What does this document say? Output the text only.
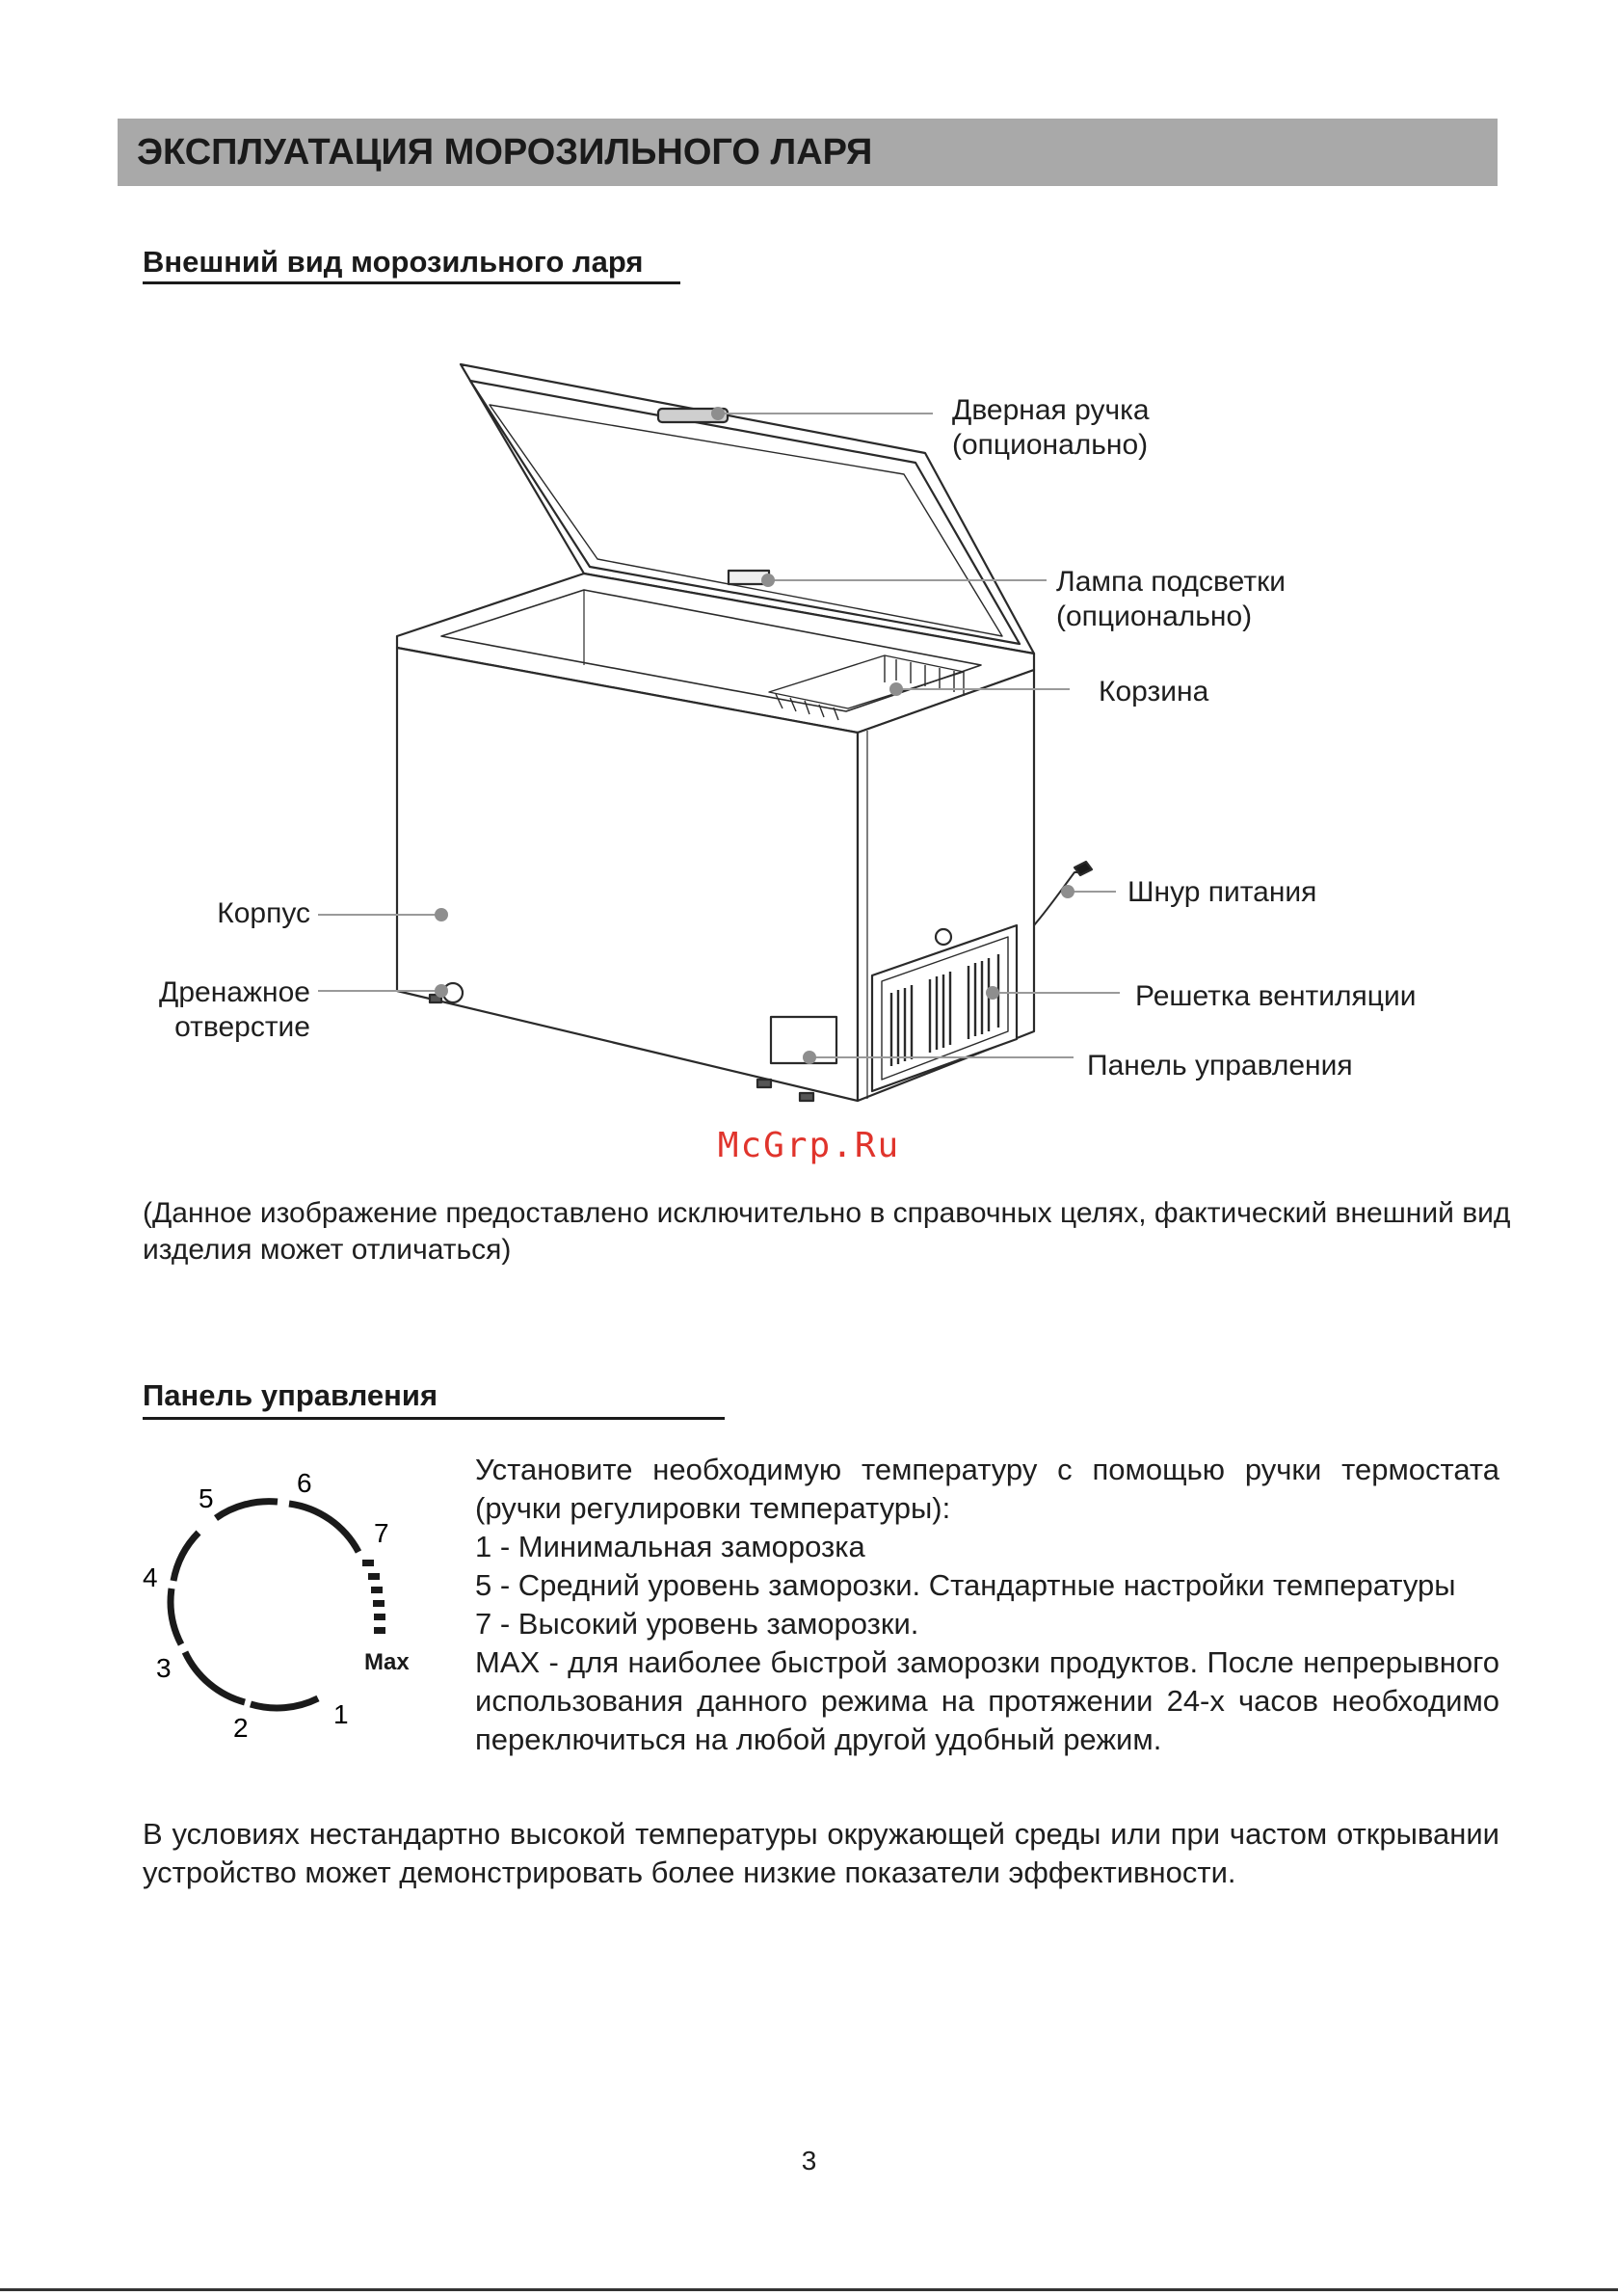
ЭКСПЛУАТАЦИЯ МОРОЗИЛЬНОГО ЛАРЯ
Внешний вид морозильного ларя
Дверная ручка
(опционально)
Лампа подсветки
(опционально)
Корзина
Шнур питания
Корпус
Дренажное
отверстие
Решетка вентиляции
Панель управления
McGrp.Ru
(Данное изображение предоставлено исключительно в справочных целях, фактический внешний вид изделия может отличаться)
Панель управления
1
2
3
4
5
6
7
Max
Установите необходимую температуру с помощью ручки термостата (ручки регулировки температуры):
1 - Минимальная заморозка
5 - Средний уровень заморозки. Стандартные настройки температуры
7 - Высокий уровень заморозки.
MAX - для наиболее быстрой заморозки продуктов. После непрерывного использования данного режима на протяжении 24-х часов необходимо переключиться на любой другой удобный режим.
В условиях нестандартно высокой температуры окружающей среды или при частом открывании устройство может демонстрировать более низкие показатели эффективности.
3
